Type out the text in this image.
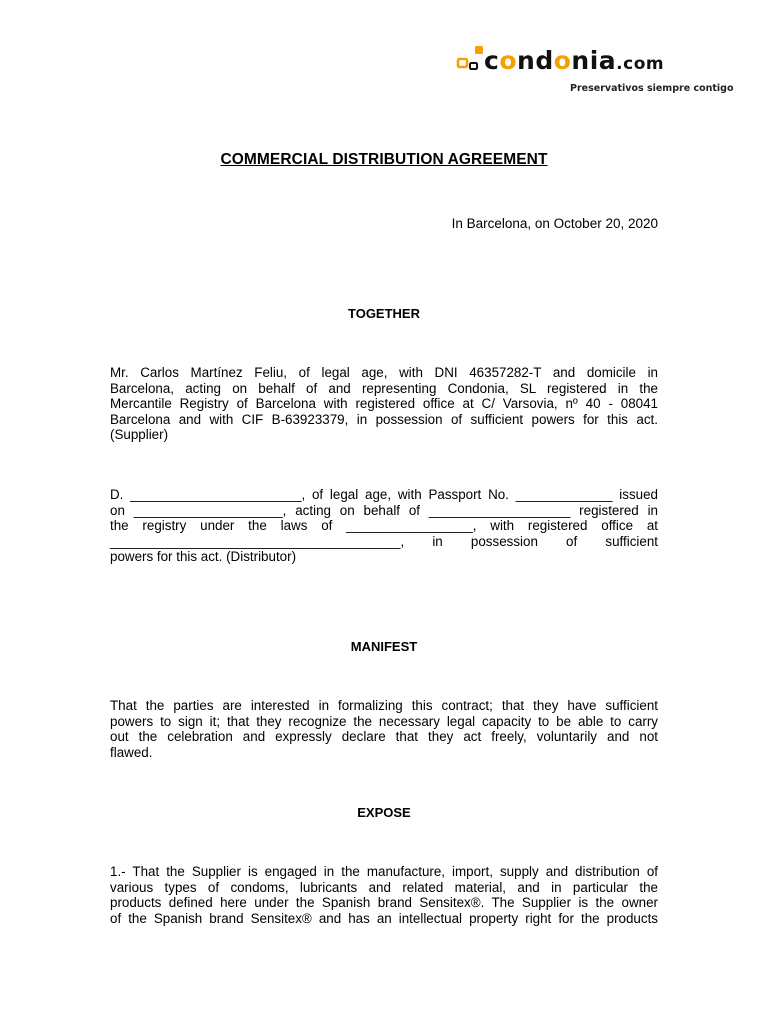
condonia.com
Preservativos siempre contigo
COMMERCIAL DISTRIBUTION AGREEMENT
In Barcelona, on October 20, 2020
TOGETHER

Mr. Carlos Martínez Feliu, of legal age, with DNI 46357282-T and domicile in

Barcelona, acting on behalf of and representing Condonia, SL registered in the

Mercantile Registry of Barcelona with registered office at C/ Varsovia, nº 40 - 08041

Barcelona and with CIF B-63923379, in possession of sufficient powers for this act.

(Supplier)

D. _______________________, of legal age, with Passport No. _____________ issued

on ____________________, acting on behalf of ___________________ registered in

the registry under the laws of _________________, with registered office at

_______________________________________, in possession of sufficient

powers for this act. (Distributor)

MANIFEST

That the parties are interested in formalizing this contract; that they have sufficient

powers to sign it; that they recognize the necessary legal capacity to be able to carry

out the celebration and expressly declare that they act freely, voluntarily and not

flawed.

EXPOSE

1.- That the Supplier is engaged in the manufacture, import, supply and distribution of

various types of condoms, lubricants and related material, and in particular the

products defined here under the Spanish brand Sensitex®. The Supplier is the owner

of the Spanish brand Sensitex® and has an intellectual property right for the products
